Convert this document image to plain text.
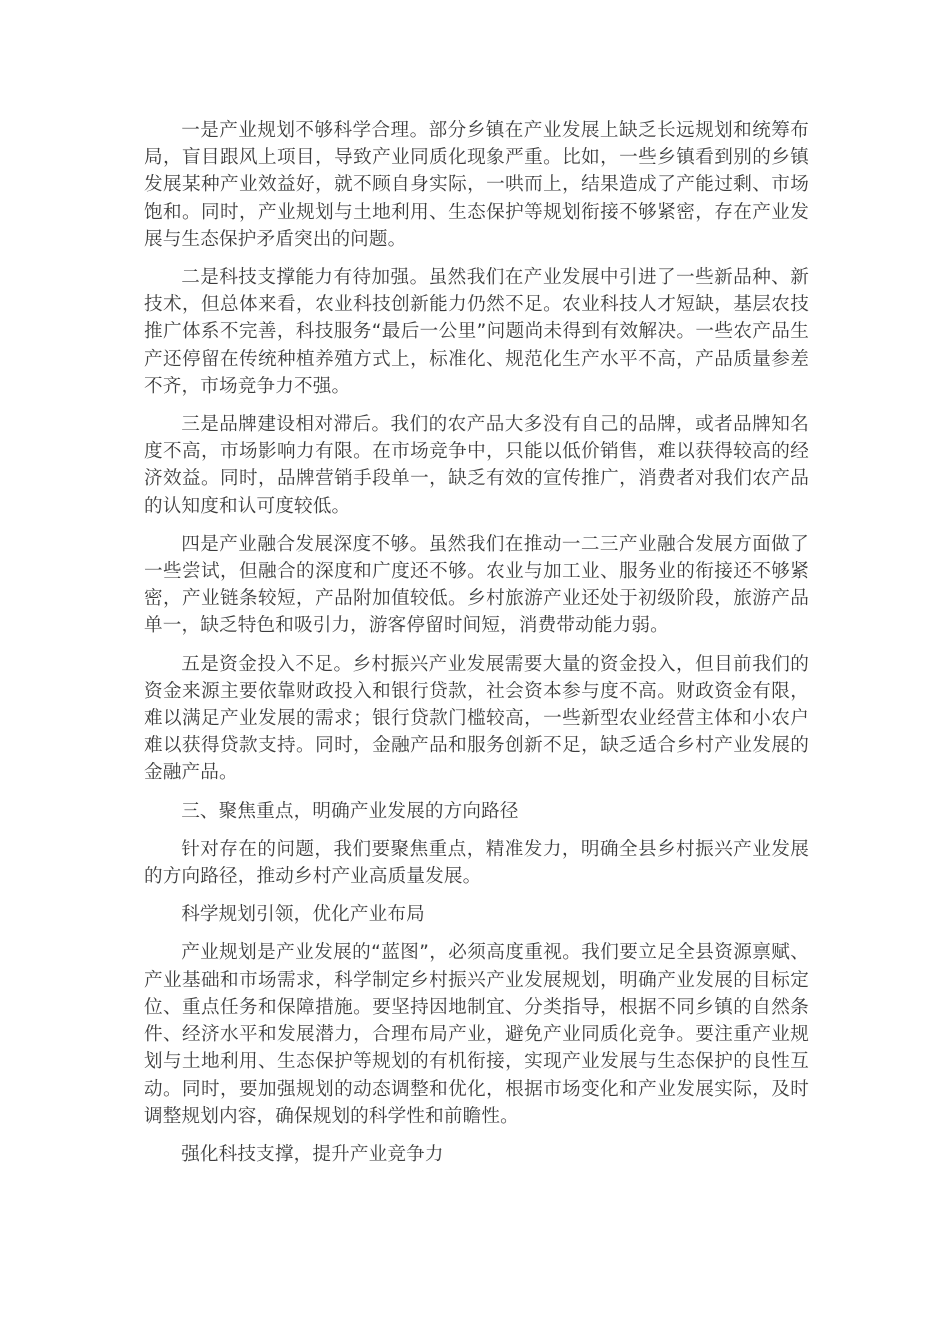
一是产业规划不够科学合理。部分乡镇在产业发展上缺乏长远规划和统筹布局，盲目跟风上项目，导致产业同质化现象严重。比如，一些乡镇看到别的乡镇发展某种产业效益好，就不顾自身实际，一哄而上，结果造成了产能过剩、市场饱和。同时，产业规划与土地利用、生态保护等规划衔接不够紧密，存在产业发展与生态保护矛盾突出的问题。

二是科技支撑能力有待加强。虽然我们在产业发展中引进了一些新品种、新技术，但总体来看，农业科技创新能力仍然不足。农业科技人才短缺，基层农技推广体系不完善，科技服务“最后一公里”问题尚未得到有效解决。一些农产品生产还停留在传统种植养殖方式上，标准化、规范化生产水平不高，产品质量参差不齐，市场竞争力不强。

三是品牌建设相对滞后。我们的农产品大多没有自己的品牌，或者品牌知名度不高，市场影响力有限。在市场竞争中，只能以低价销售，难以获得较高的经济效益。同时，品牌营销手段单一，缺乏有效的宣传推广，消费者对我们农产品的认知度和认可度较低。

四是产业融合发展深度不够。虽然我们在推动一二三产业融合发展方面做了一些尝试，但融合的深度和广度还不够。农业与加工业、服务业的衔接还不够紧密，产业链条较短，产品附加值较低。乡村旅游产业还处于初级阶段，旅游产品单一，缺乏特色和吸引力，游客停留时间短，消费带动能力弱。

五是资金投入不足。乡村振兴产业发展需要大量的资金投入，但目前我们的资金来源主要依靠财政投入和银行贷款，社会资本参与度不高。财政资金有限，难以满足产业发展的需求；银行贷款门槛较高，一些新型农业经营主体和小农户难以获得贷款支持。同时，金融产品和服务创新不足，缺乏适合乡村产业发展的金融产品。

三、聚焦重点，明确产业发展的方向路径

针对存在的问题，我们要聚焦重点，精准发力，明确全县乡村振兴产业发展的方向路径，推动乡村产业高质量发展。

科学规划引领，优化产业布局

产业规划是产业发展的“蓝图”，必须高度重视。我们要立足全县资源禀赋、产业基础和市场需求，科学制定乡村振兴产业发展规划，明确产业发展的目标定位、重点任务和保障措施。要坚持因地制宜、分类指导，根据不同乡镇的自然条件、经济水平和发展潜力，合理布局产业，避免产业同质化竞争。要注重产业规划与土地利用、生态保护等规划的有机衔接，实现产业发展与生态保护的良性互动。同时，要加强规划的动态调整和优化，根据市场变化和产业发展实际，及时调整规划内容，确保规划的科学性和前瞻性。

强化科技支撑，提升产业竞争力
